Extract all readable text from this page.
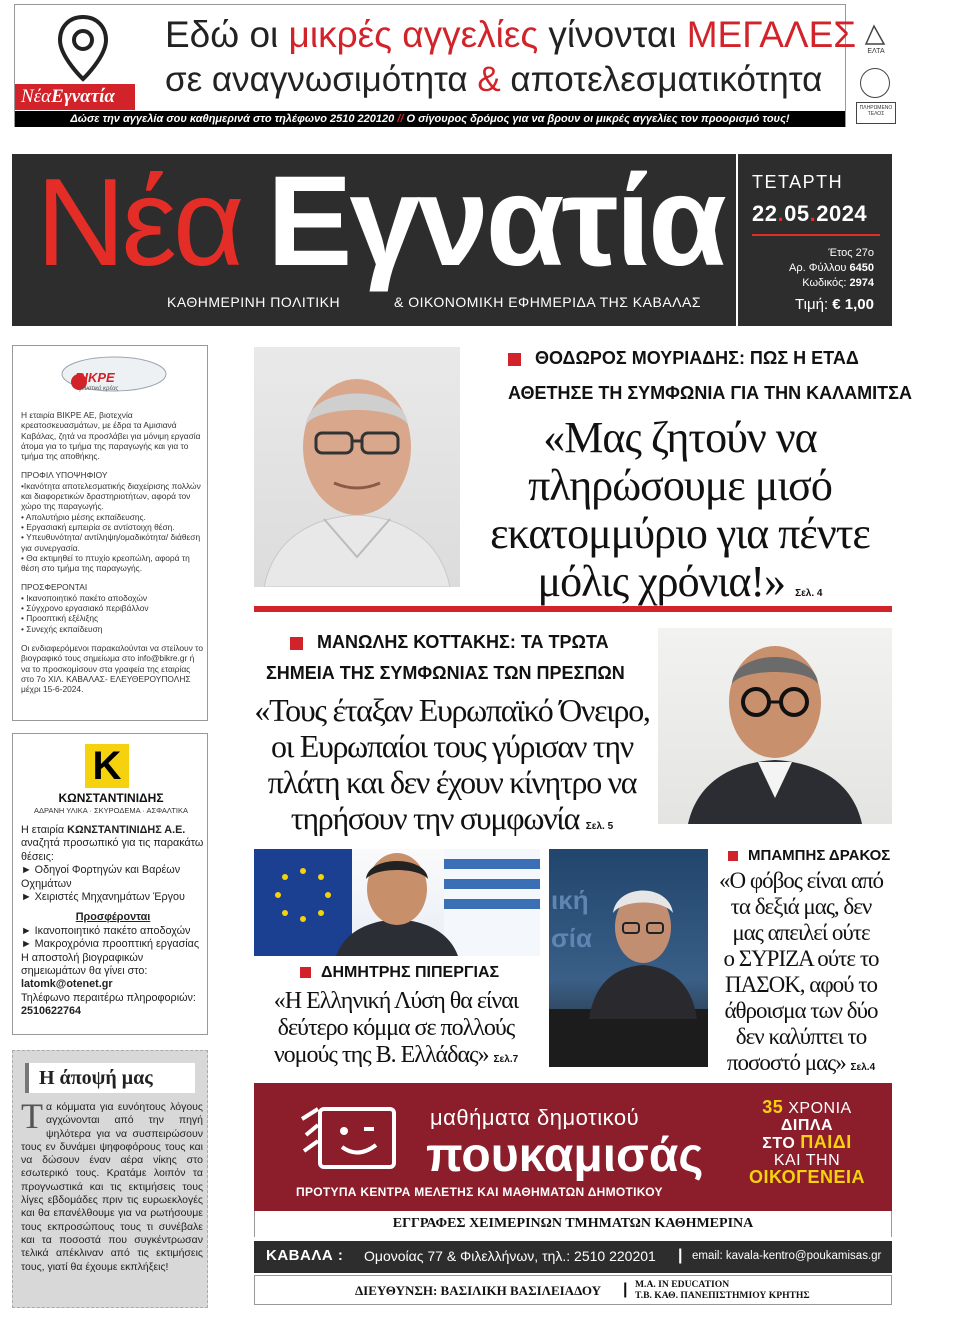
ΝέαΕγνατία
Εδώ οι μικρές αγγελίες γίνονται ΜΕΓΑΛΕΣ
σε αναγνωσιμότητα & αποτελεσματικότητα
Δώσε την αγγελία σου καθημερινά στο τηλέφωνο 2510 220120 // Ο σίγουρος δρόμος για να βρουν οι μικρές αγγελίες τον προορισμό τους!
ΕΛΤΑ
ΠΛΗΡΩΜΕΝΟ ΤΕΛΟΣ
Νέα Εγνατία
ΚΑΘΗΜΕΡΙΝΗ ΠΟΛΙΤΙΚΗ	& ΟΙΚΟΝΟΜΙΚΗ ΕΦΗΜΕΡΙΔΑ ΤΗΣ ΚΑΒΑΛΑΣ
ΤΕΤΑΡΤΗ
22.05.2024
Έτος 27ο
Αρ. Φύλλου 6450
Κωδικός: 2974
Τιμή: € 1,00
ΒΙΚΡΕ
γευστικό κρέας

Η εταιρία ΒΙΚΡΕ ΑΕ, βιοτεχνία κρεατοσκευασμάτων, με έδρα τα Αμισιανά Καβάλας, ζητά να προσλάβει για μόνιμη εργασία άτομα για το τμήμα της παραγωγής και για το τμήμα της αποθήκης.

ΠΡΟΦΙΛ ΥΠΟΨΗΦΙΟΥ
•Ικανότητα αποτελεσματικής διαχείρισης πολλών και διαφορετικών δραστηριοτήτων, αφορά τον χώρο της παραγωγής.
• Απολυτήριο μέσης εκπαίδευσης.
• Εργασιακή εμπειρία σε αντίστοιχη θέση.
• Υπευθυνότητα/ αντίληψη/ομαδικότητα/ διάθεση για συνεργασία.
• Θα εκτιμηθεί το πτυχίο κρεοπώλη, αφορά τη θέση στο τμήμα της παραγωγής.

ΠΡΟΣΦΕΡΟΝΤΑΙ
• Ικανοποιητικό πακέτο αποδοχών
• Σύγχρονο εργασιακό περιβάλλον
• Προοπτική εξέλιξης
• Συνεχής εκπαίδευση

Οι ενδιαφερόμενοι παρακαλούνται να στείλουν το βιογραφικό τους σημείωμα στο info@bikre.gr ή να το προσκομίσουν στα γραφεία της εταιρίας στο 7ο ΧΙΛ. ΚΑΒΑΛΑΣ- ΕΛΕΥΘΕΡΟΥΠΟΛΗΣ μέχρι 15-6-2024.

K
ΚΩΝΣΤΑΝΤΙΝΙΔΗΣ
ΑΔΡΑΝΗ ΥΛΙΚΑ · ΣΚΥΡΟΔΕΜΑ · ΑΣΦΑΛΤΙΚΑ
Η εταιρία ΚΩΝΣΤΑΝΤΙΝΙΔΗΣ Α.Ε. αναζητά προσωπικό για τις παρακάτω θέσεις:
► Οδηγοί Φορτηγών και Βαρέων Οχημάτων
► Χειριστές Μηχανημάτων Έργου
Προσφέρονται
► Ικανοποιητικό πακέτο αποδοχών
► Μακροχρόνια προοπτική εργασίας
Η αποστολή βιογραφικών σημειωμάτων θα γίνει στο: latomk@otenet.gr
Τηλέφωνο περαιτέρω πληροφοριών: 2510622764
Η άποψή μας
Τα κόμματα για ευνόητους λόγους αγχώνονται από την πηγή ψηλότερα για να συσπειρώσουν τους εν δυνάμει ψηφοφόρους τους και να δώσουν έναν αέρα νίκης στο εσωτερικό τους. Κρατάμε λοιπόν τα προγνωστικά και τις εκτιμήσεις τους λίγες εβδομάδες πριν τις ευρωεκλογές και θα επανέλθουμε για να ρωτήσουμε τους εκπροσώπους τους τι συνέβαλε και τα ποσοστά που συγκέντρωσαν τελικά απέκλιναν από τις εκτιμήσεις τους, γιατί θα έχουμε εκπλήξεις!
ΘΟΔΩΡΟΣ ΜΟΥΡΙΑΔΗΣ: ΠΩΣ Η ΕΤΑΔ
ΑΘΕΤΗΣΕ ΤΗ ΣΥΜΦΩΝΙΑ ΓΙΑ ΤΗΝ ΚΑΛΑΜΙΤΣΑ
«Μας ζητούν να
πληρώσουμε μισό
εκατομμύριο για πέντε
μόλις χρόνια!» Σελ. 4
ΜΑΝΩΛΗΣ ΚΟΤΤΑΚΗΣ: ΤΑ ΤΡΩΤΑ
ΣΗΜΕΙΑ ΤΗΣ ΣΥΜΦΩΝΙΑΣ ΤΩΝ ΠΡΕΣΠΩΝ
«Τους έταξαν Ευρωπαϊκό Όνειρο,
οι Ευρωπαίοι τους γύρισαν την
πλάτη και δεν έχουν κίνητρο να
τηρήσουν την συμφωνία Σελ. 5
ΔΗΜΗΤΡΗΣ ΠΙΠΕΡΓΙΑΣ
«Η Ελληνική Λύση θα είναι
δεύτερο κόμμα σε πολλούς
νομούς της Β. Ελλάδας» Σελ.7
ική
σία
ΜΠΑΜΠΗΣ ΔΡΑΚΟΣ
«Ο φόβος είναι από
τα δεξιά μας, δεν
μας απειλεί ούτε
ο ΣΥΡΙΖΑ ούτε το
ΠΑΣΟΚ, αφού το
άθροισμα των δύο
δεν καλύπτει το
ποσοστό μας» Σελ.4
μαθήματα δημοτικού
πουκαμισάς
ΠΡΟΤΥΠΑ ΚΕΝΤΡΑ ΜΕΛΕΤΗΣ ΚΑΙ ΜΑΘΗΜΑΤΩΝ ΔΗΜΟΤΙΚΟΥ
35 ΧΡΟΝΙΑ
ΔΙΠΛΑ
ΣΤΟ ΠΑΙΔΙ
ΚΑΙ ΤΗΝ
ΟΙΚΟΓΕΝΕΙΑ
ΕΓΓΡΑΦΕΣ ΧΕΙΜΕΡΙΝΩΝ ΤΜΗΜΑΤΩΝ ΚΑΘΗΜΕΡΙΝΑ
ΚΑΒΑΛΑ : Ομονοίας 77 & Φιλελλήνων, τηλ.: 2510 220201 | email: kavala-kentro@poukamisas.gr
ΔΙΕΥΘΥΝΣΗ: ΒΑΣΙΛΙΚΗ ΒΑΣΙΛΕΙΑΔΟΥ | M.A. IN EDUCATION
Τ.Β. ΚΑΘ. ΠΑΝΕΠΙΣΤΗΜΙΟΥ ΚΡΗΤΗΣ
